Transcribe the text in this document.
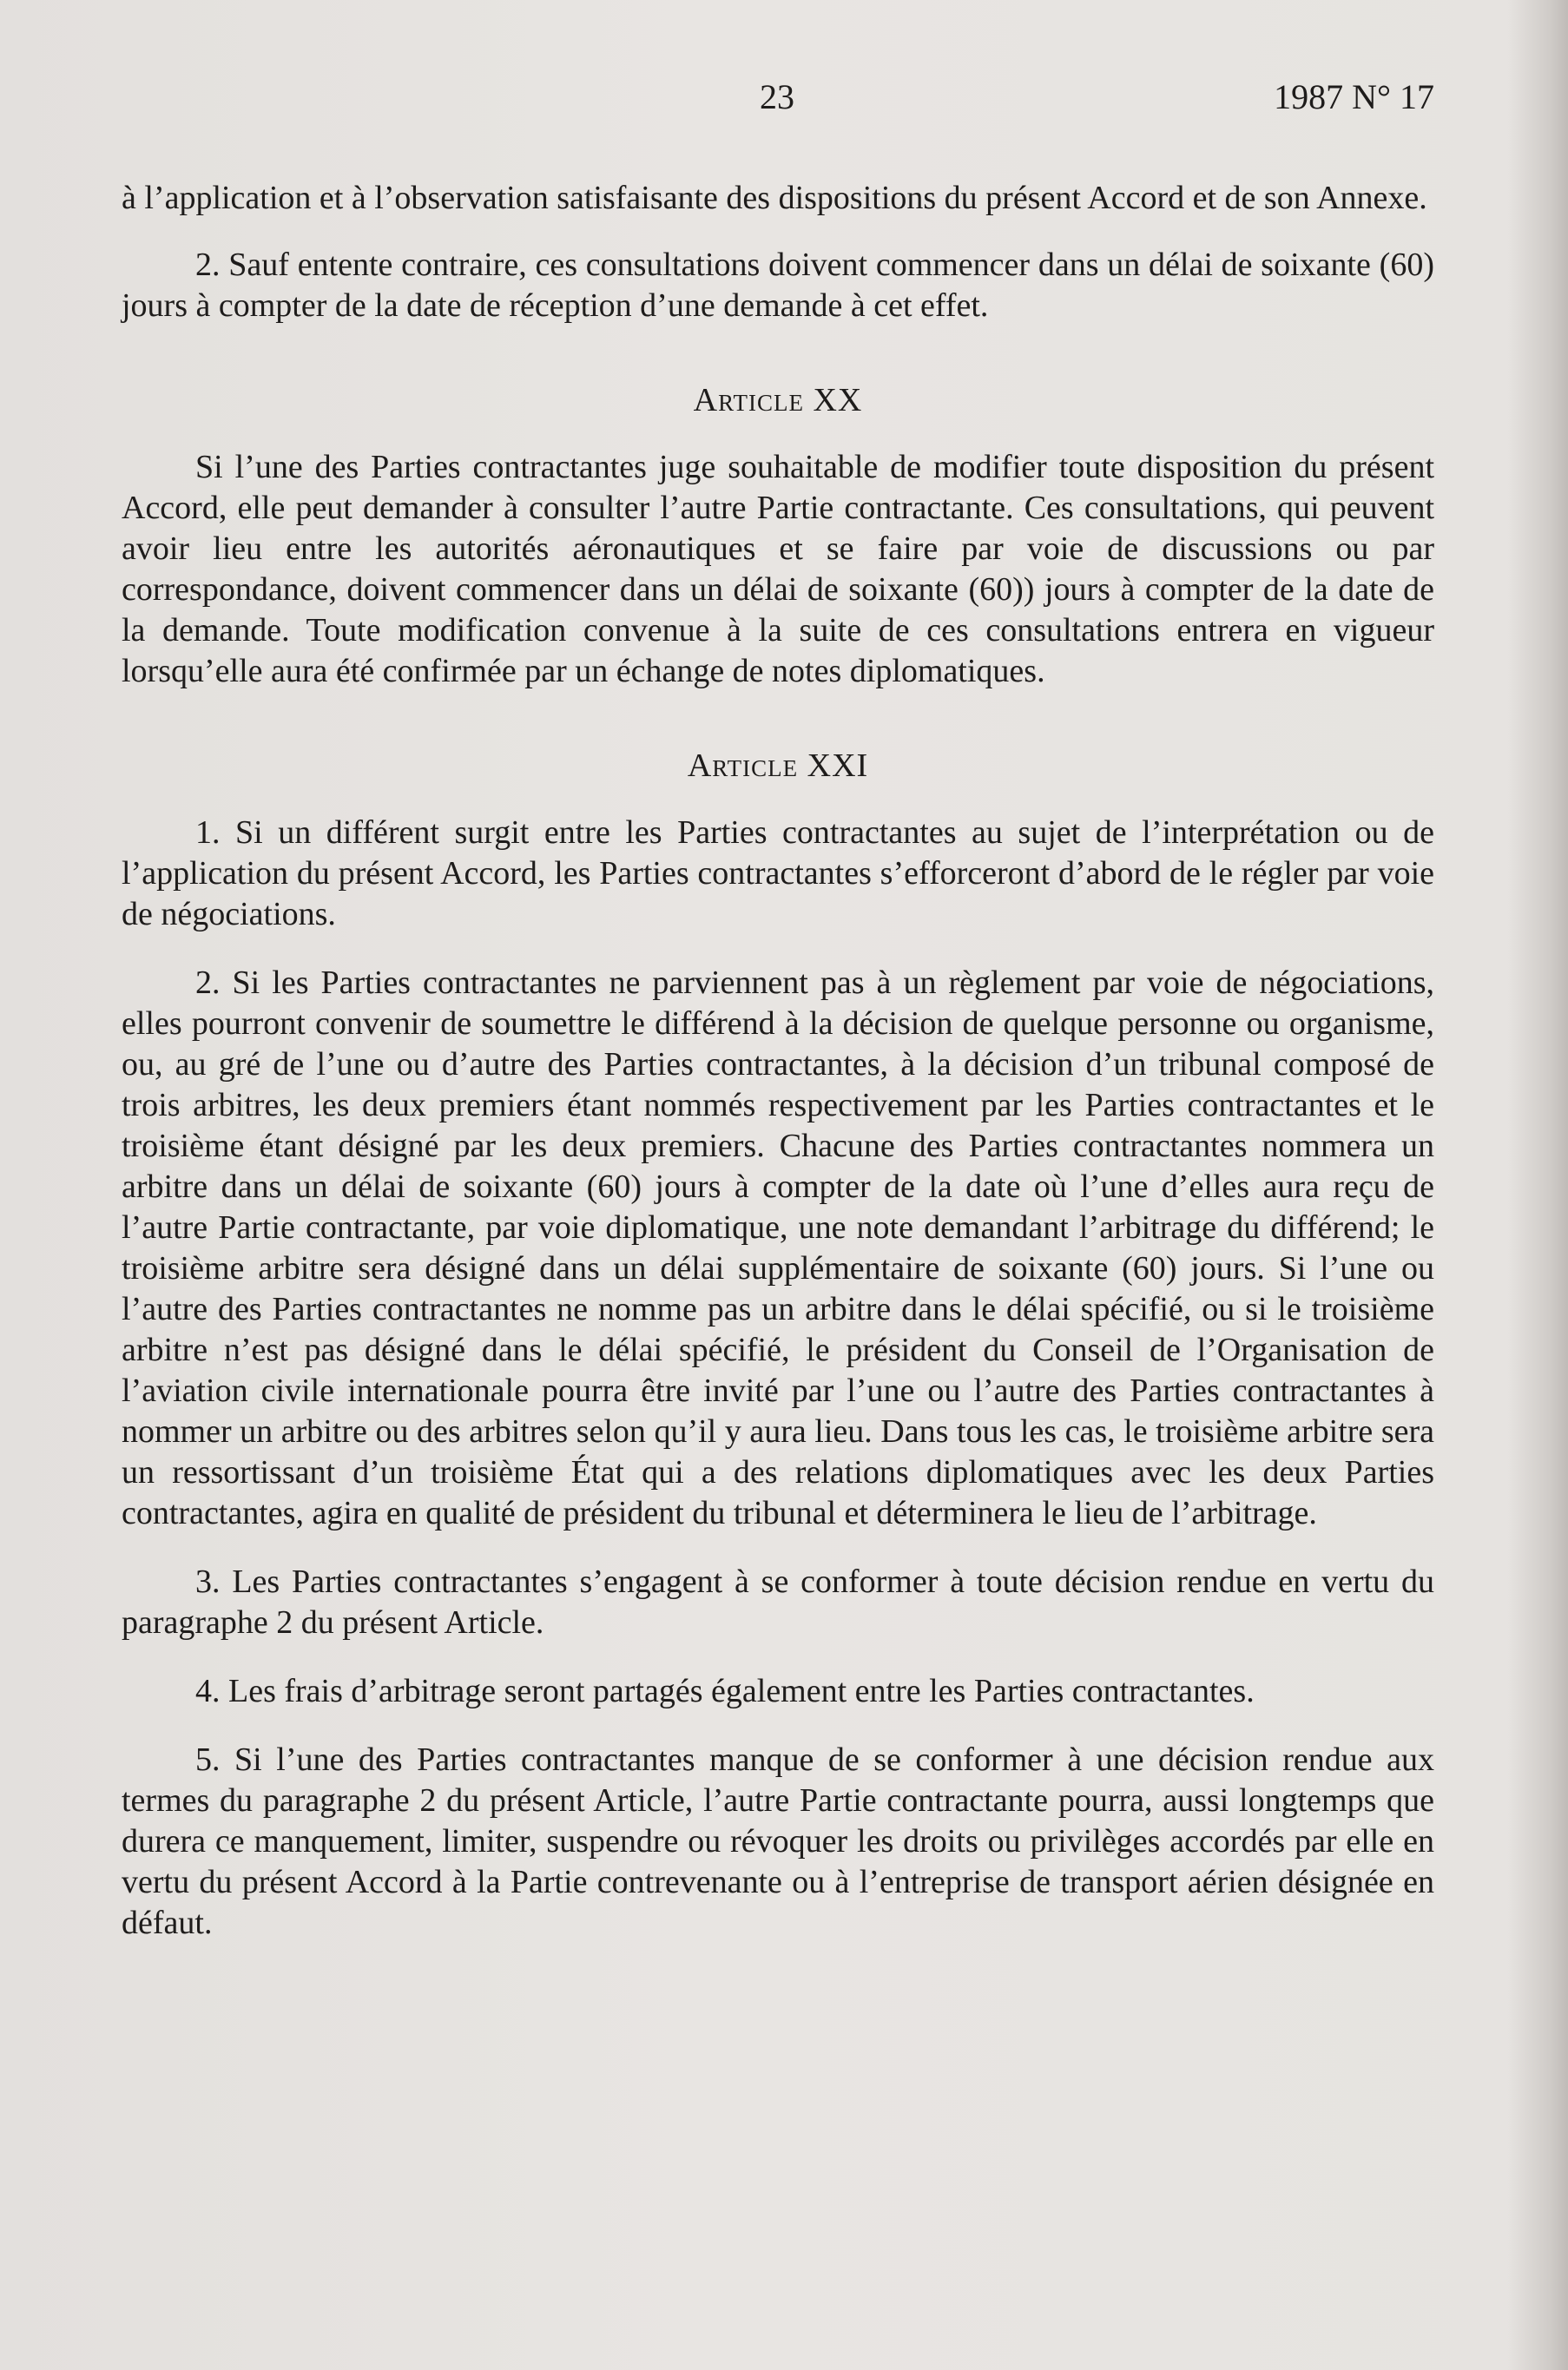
23	1987 N° 17

à l’application et à l’observation satisfaisante des dispositions du présent Accord et de son Annexe.

2. Sauf entente contraire, ces consultations doivent commencer dans un délai de soixante (60) jours à compter de la date de réception d’une demande à cet effet.

Article XX

Si l’une des Parties contractantes juge souhaitable de modifier toute disposition du présent Accord, elle peut demander à consulter l’autre Partie contractante. Ces consultations, qui peuvent avoir lieu entre les autorités aéronautiques et se faire par voie de discussions ou par correspondance, doivent commencer dans un délai de soixante (60)) jours à compter de la date de la demande. Toute modification convenue à la suite de ces consultations entrera en vigueur lorsqu’elle aura été confirmée par un échange de notes diplomatiques.

Article XXI

1. Si un différent surgit entre les Parties contractantes au sujet de l’interprétation ou de l’application du présent Accord, les Parties contractantes s’efforceront d’abord de le régler par voie de négociations.

2. Si les Parties contractantes ne parviennent pas à un règlement par voie de négociations, elles pourront convenir de soumettre le différend à la décision de quelque personne ou organisme, ou, au gré de l’une ou d’autre des Parties contractantes, à la décision d’un tribunal composé de trois arbitres, les deux premiers étant nommés respectivement par les Parties contractantes et le troisième étant désigné par les deux premiers. Chacune des Parties contractantes nommera un arbitre dans un délai de soixante (60) jours à compter de la date où l’une d’elles aura reçu de l’autre Partie contractante, par voie diplomatique, une note demandant l’arbitrage du différend; le troisième arbitre sera désigné dans un délai supplémentaire de soixante (60) jours. Si l’une ou l’autre des Parties contractantes ne nomme pas un arbitre dans le délai spécifié, ou si le troisième arbitre n’est pas désigné dans le délai spécifié, le président du Conseil de l’Organisation de l’aviation civile internationale pourra être invité par l’une ou l’autre des Parties contractantes à nommer un arbitre ou des arbitres selon qu’il y aura lieu. Dans tous les cas, le troisième arbitre sera un ressortissant d’un troisième État qui a des relations diplomatiques avec les deux Parties contractantes, agira en qualité de président du tribunal et déterminera le lieu de l’arbitrage.

3. Les Parties contractantes s’engagent à se conformer à toute décision rendue en vertu du paragraphe 2 du présent Article.

4. Les frais d’arbitrage seront partagés également entre les Parties contractantes.

5. Si l’une des Parties contractantes manque de se conformer à une décision rendue aux termes du paragraphe 2 du présent Article, l’autre Partie contractante pourra, aussi longtemps que durera ce manquement, limiter, suspendre ou révoquer les droits ou privilèges accordés par elle en vertu du présent Accord à la Partie contrevenante ou à l’entreprise de transport aérien désignée en défaut.
